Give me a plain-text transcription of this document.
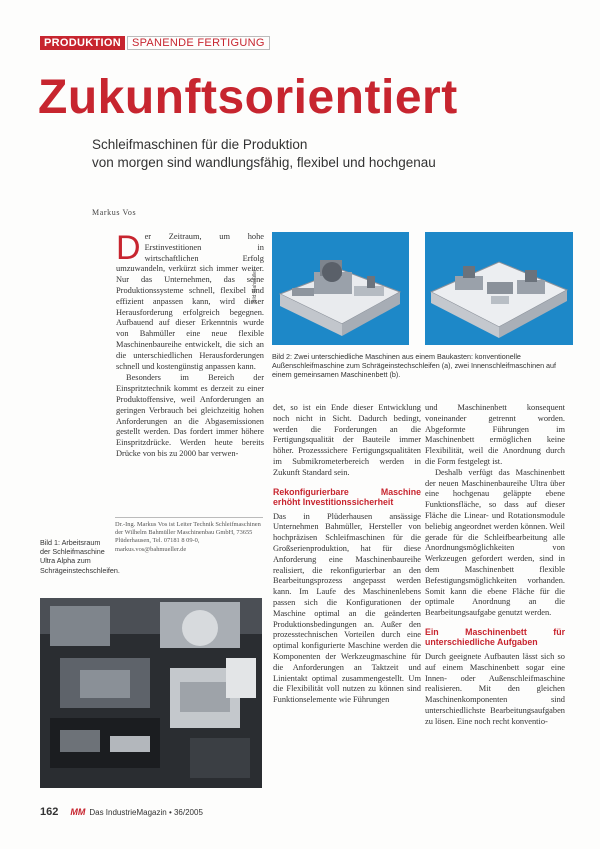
PRODUKTION	SPANENDE FERTIGUNG
Zukunftsorientiert
Schleifmaschinen für die Produktion
von morgen sind wandlungsfähig, flexibel und hochgenau
Markus Vos
D er Zeitraum, um hohe Erstinvestitionen in wirtschaftlichen Erfolg umzuwandeln, verkürzt sich immer weiter. Nur das Unternehmen, das seine Produktionssysteme schnell, flexibel und effizient anpassen kann, wird dieser Herausforderung erfolgreich begegnen. Aufbauend auf dieser Erkenntnis wurde von Bahmüller eine neue flexible Maschinenbaureihe entwickelt, die sich an die unterschiedlichen Herausforderungen schnell und kostengünstig anpassen kann.

Besonders im Bereich der Einspritztechnik kommt es derzeit zu einer Produktoffensive, weil Anforderungen an geringen Verbrauch bei gleichzeitig hohen Anforderungen an die Abgasemissionen gestellt werden. Das fordert immer höhere Einspritzdrücke. Werden heute bereits Drücke von bis zu 2000 bar verwen-

Dr.-Ing. Markus Vos ist Leiter Technik Schleifmaschinen der Wilhelm Bahmüller Maschinenbau GmbH, 73655 Plüderhausen, Tel. 07181 8 09-0, markus.vos@bahmueller.de

det, so ist ein Ende dieser Entwicklung noch nicht in Sicht. Dadurch bedingt, werden die Forderungen an die Fertigungsqualität der Bauteile immer höher. Prozesssichere Fertigungsqualitäten im Submikrometerbereich werden in Zukunft Standard sein.

Rekonfigurierbare Maschine erhöht Investitionssicherheit

Das in Plüderhausen ansässige Unternehmen Bahmüller, Hersteller von hochpräzisen Schleifmaschinen für die Großserienproduktion, hat für diese Anforderung eine Maschinenbaureihe realisiert, die rekonfigurierbar an den Bearbeitungsprozess angepasst werden kann. Im Laufe des Maschinenlebens passen sich die Konfigurationen der Maschine optimal an die geänderten Produktionsbedingungen an. Außer den prozesstechnischen Vorteilen durch eine optimal konfigurierte Maschine werden die Komponenten der Werkzeugmaschine für die Anforderungen an Taktzeit und Linientakt optimal zusammengestellt. Um die Flexibilität voll nutzen zu können sind Funktionselemente wie Führungen

und Maschinenbett konsequent voneinander getrennt worden. Abgeformte Führungen im Maschinenbett ermöglichen keine Flexibilität, weil die Anordnung durch die Form festgelegt ist.

Deshalb verfügt das Maschinenbett der neuen Maschinenbaureihe Ultra über eine hochgenau geläppte ebene Funktionsfläche, so dass auf dieser Fläche die Linear- und Rotationsmodule beliebig angeordnet werden können. Weil gerade für die Schleifbearbeitung alle Anordnungsmöglichkeiten von Werkzeugen gefordert werden, sind in dem Maschinenbett flexible Befestigungsmöglichkeiten vorhanden. Somit kann die ebene Fläche für die optimale Anordnung an die Bearbeitungsaufgabe genutzt werden.

Ein Maschinenbett für unterschiedliche Aufgaben

Durch geeignete Aufbauten lässt sich so auf einem Maschinenbett sogar eine Innen- oder Außenschleifmaschine realisieren. Mit den gleichen Maschinenkomponenten sind unterschiedlichste Bearbeitungsaufgaben zu lösen. Eine noch recht konventio-

Bild: Bahmüller
Bild 2: Zwei unterschiedliche Maschinen aus einem Baukasten: konventionelle Außenschleifmaschine zum Schrägeinstechschleifen (a), zwei Innenschleifmaschinen auf einem gemeinsamen Maschinenbett (b).
Bild 1: Arbeitsraum der Schleifmaschine Ultra Alpha zum Schrägeinstechschleifen.
162 MM Das IndustrieMagazin • 36/2005
